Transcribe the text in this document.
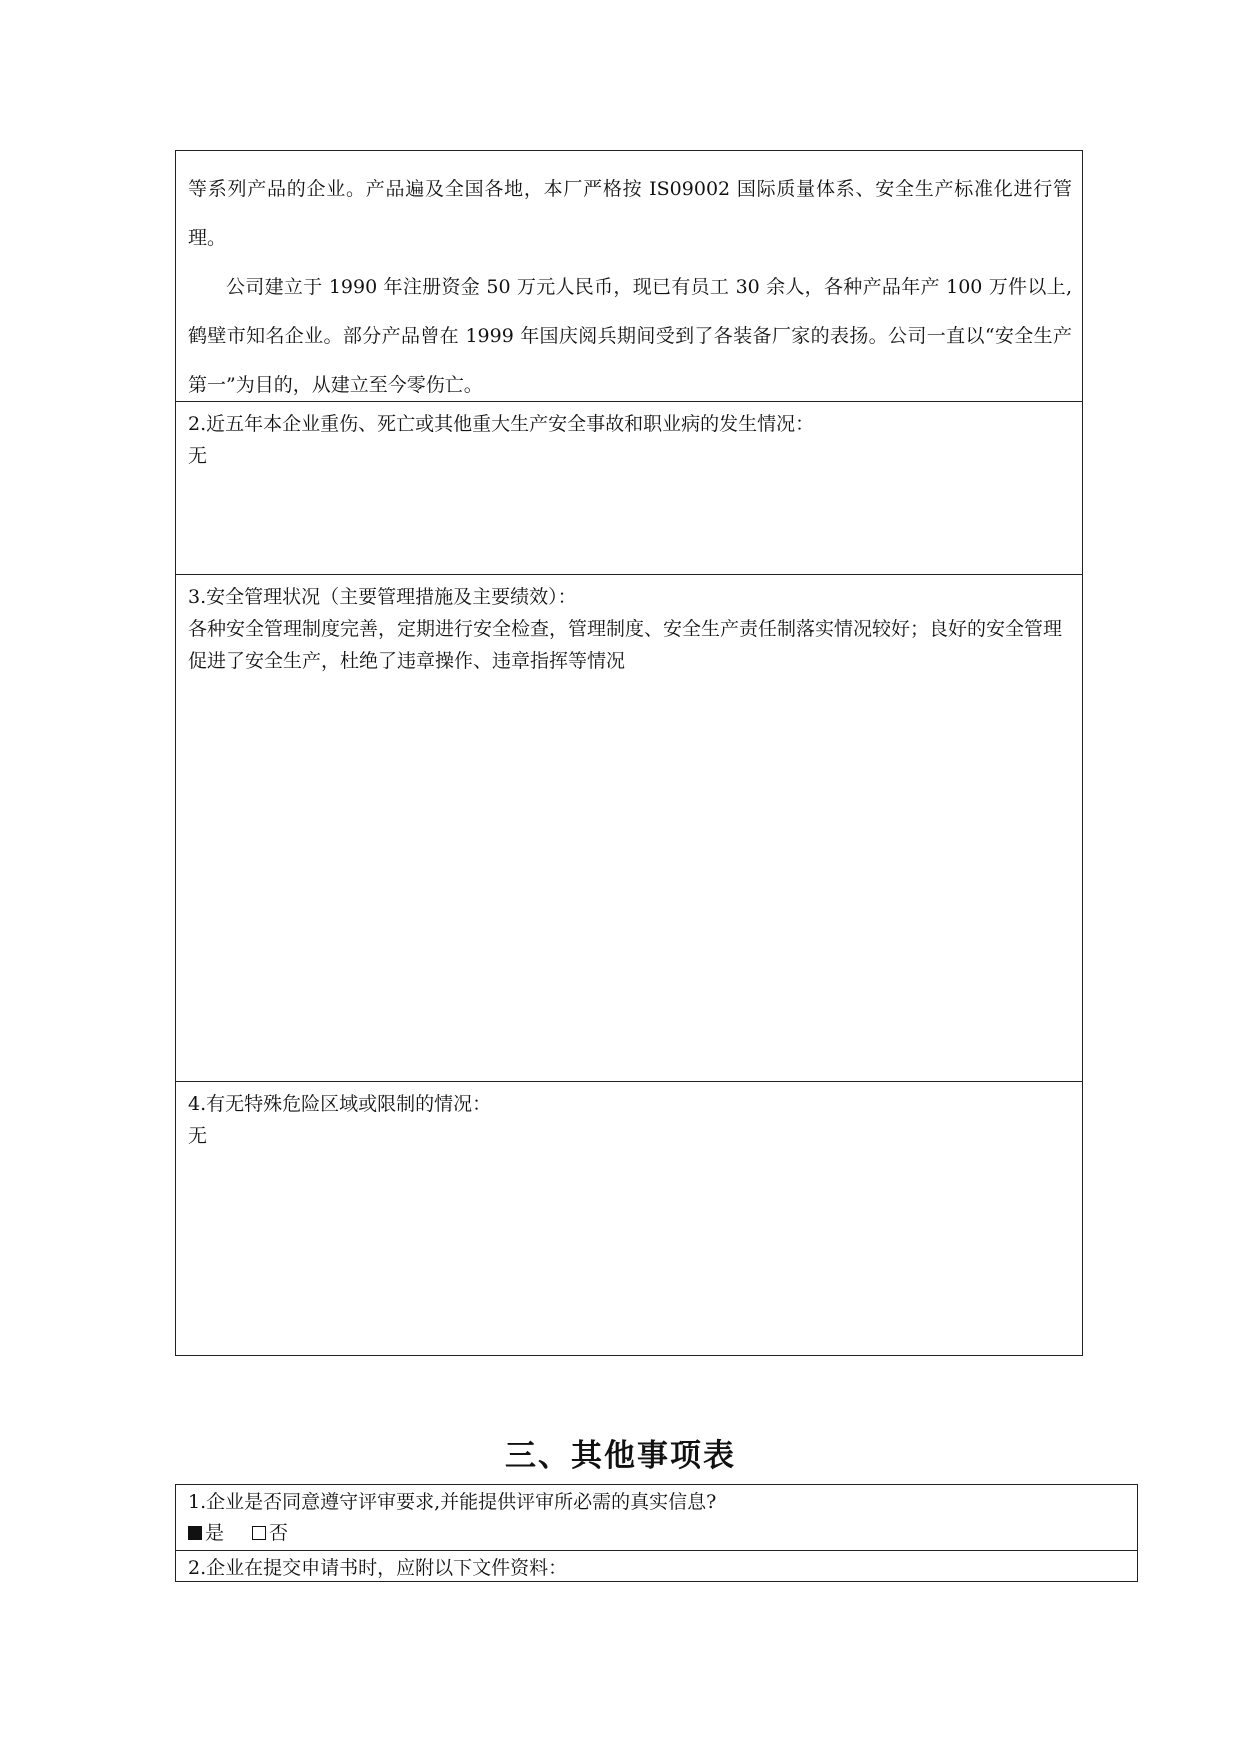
等系列产品的企业。产品遍及全国各地，本厂严格按 IS09002 国际质量体系、安全生产标准化进行管理。

公司建立于 1990 年注册资金 50 万元人民币，现已有员工 30 余人，各种产品年产 100 万件以上,鹤壁市知名企业。部分产品曾在 1999 年国庆阅兵期间受到了各装备厂家的表扬。公司一直以“安全生产第一”为目的，从建立至今零伤亡。

2.近五年本企业重伤、死亡或其他重大生产安全事故和职业病的发生情况：
无
3.安全管理状况（主要管理措施及主要绩效）：
各种安全管理制度完善，定期进行安全检查，管理制度、安全生产责任制落实情况较好；良好的安全管理促进了安全生产，杜绝了违章操作、违章指挥等情况
4.有无特殊危险区域或限制的情况：
无
三、其他事项表
1.企业是否同意遵守评审要求,并能提供评审所必需的真实信息?
是 否
2.企业在提交申请书时，应附以下文件资料：
